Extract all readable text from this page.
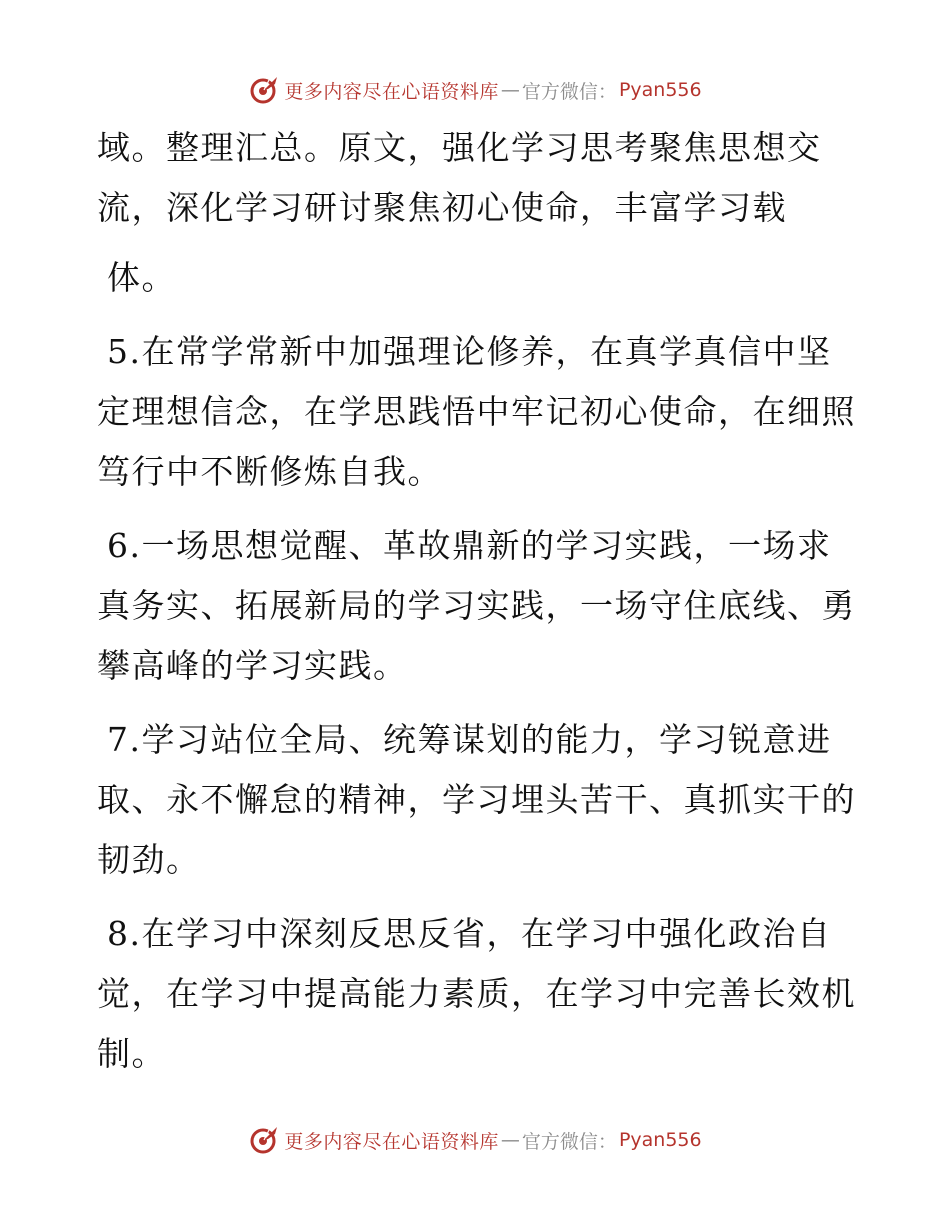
更多内容尽在心语资料库 — 官方微信： Pyan556
域。整理汇总。原文，强化学习思考聚焦思想交
流，深化学习研讨聚焦初心使命，丰富学习载
体。
5.在常学常新中加强理论修养，在真学真信中坚
定理想信念，在学思践悟中牢记初心使命，在细照
笃行中不断修炼自我。
6.一场思想觉醒、革故鼎新的学习实践，一场求
真务实、拓展新局的学习实践，一场守住底线、勇
攀高峰的学习实践。
7.学习站位全局、统筹谋划的能力，学习锐意进
取、永不懈怠的精神，学习埋头苦干、真抓实干的
韧劲。
8.在学习中深刻反思反省，在学习中强化政治自
觉，在学习中提高能力素质，在学习中完善长效机
制。
更多内容尽在心语资料库 — 官方微信： Pyan556
